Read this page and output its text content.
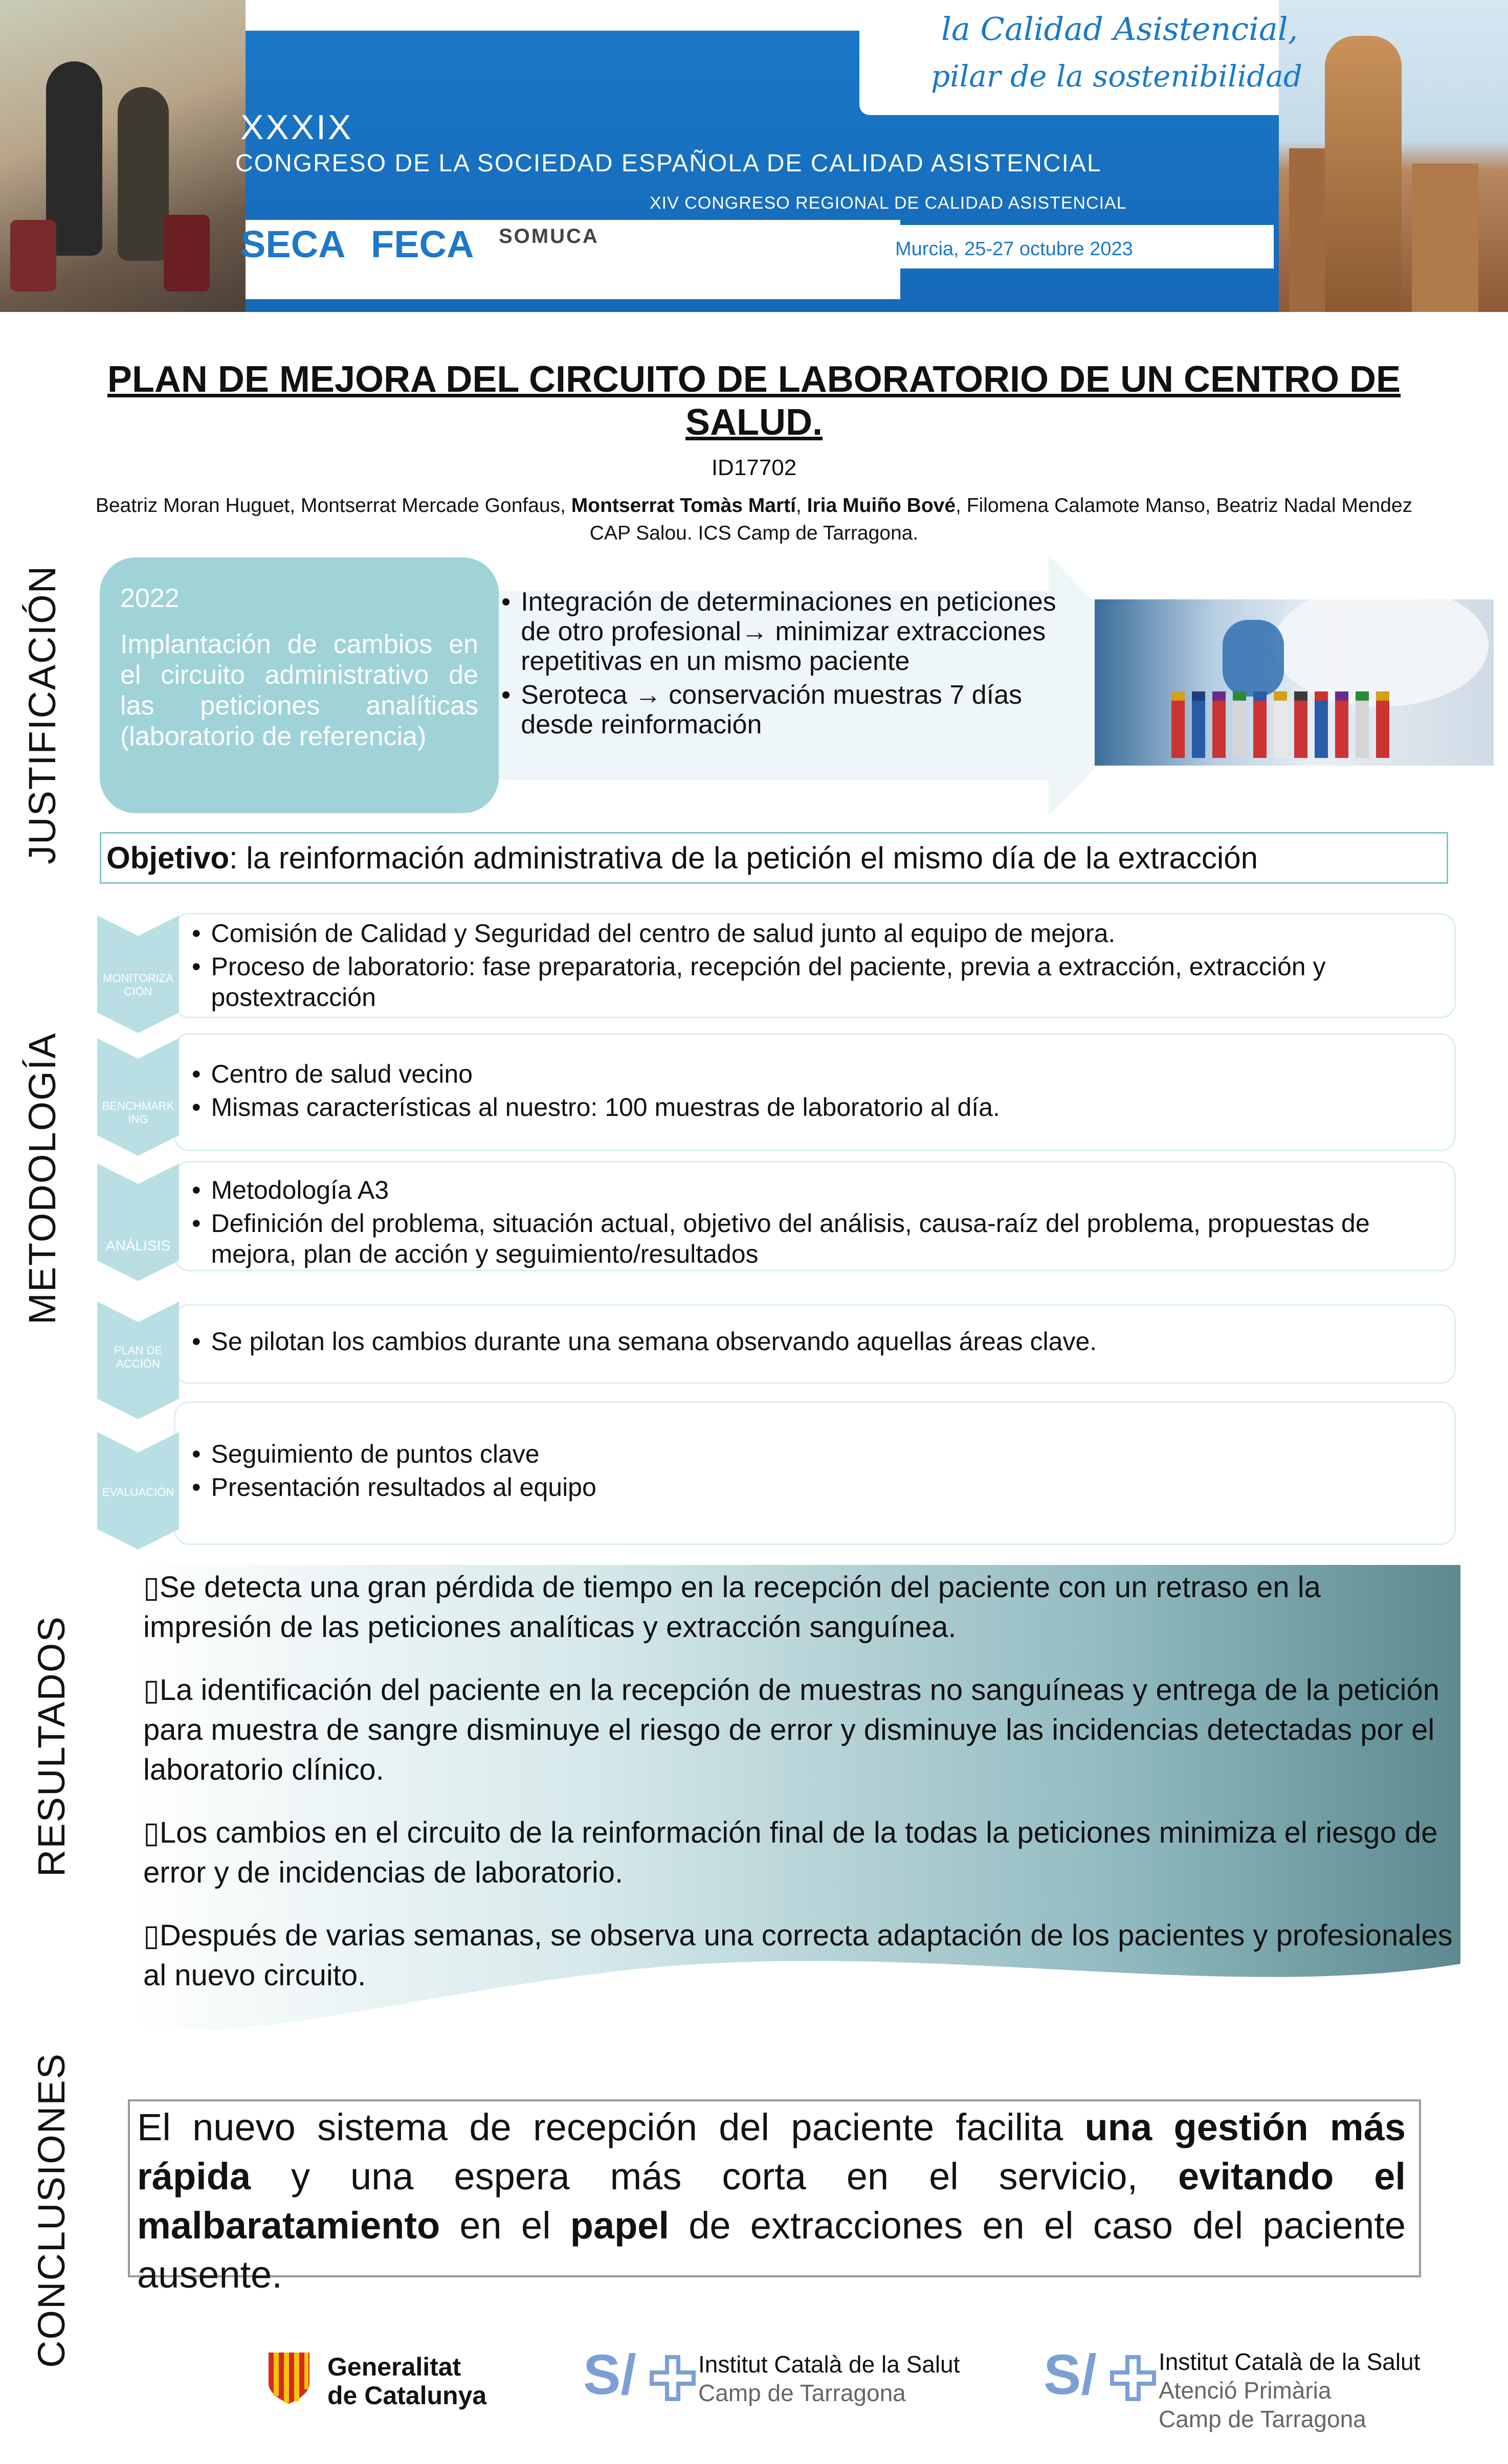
XXXIX
CONGRESO DE LA SOCIEDAD ESPAÑOLA DE CALIDAD ASISTENCIAL
XIV CONGRESO REGIONAL DE CALIDAD ASISTENCIAL
la Calidad Asistencial,
pilar de la sostenibilidad
Murcia, 25-27 octubre 2023
SECA FECA SOMUCA
PLAN DE MEJORA DEL CIRCUITO DE LABORATORIO DE UN CENTRO DE SALUD.
ID17702
Beatriz Moran Huguet, Montserrat Mercade Gonfaus, Montserrat Tomàs Martí, Iria Muiño Bové, Filomena Calamote Manso, Beatriz Nadal Mendez
CAP Salou. ICS Camp de Tarragona.
JUSTIFICACIÓN
METODOLOGÍA
RESULTADOS
CONCLUSIONES
2022
Implantación de cambios en el circuito administrativo de las peticiones analíticas (laboratorio de referencia)
• Integración de determinaciones en peticiones de otro profesional→ minimizar extracciones repetitivas en un mismo paciente
• Seroteca → conservación muestras 7 días desde reinformación
Objetivo: la reinformación administrativa de la petición el mismo día de la extracción
MONITORIZA CIÓN
• Comisión de Calidad y Seguridad del centro de salud junto al equipo de mejora.
• Proceso de laboratorio: fase preparatoria, recepción del paciente, previa a extracción, extracción y postextracción
BENCHMARK ING
• Centro de salud vecino
• Mismas características al nuestro: 100 muestras de laboratorio al día.
ANÁLISIS
• Metodología A3
• Definición del problema, situación actual, objetivo del análisis, causa-raíz del problema, propuestas de mejora, plan de acción y seguimiento/resultados
PLAN DE ACCIÓN
• Se pilotan los cambios durante una semana observando aquellas áreas clave.
EVALUACIÓN
• Seguimiento de puntos clave
• Presentación resultados al equipo

▯Se detecta una gran pérdida de tiempo en la recepción del paciente con un retraso en la impresión de las peticiones analíticas y extracción sanguínea.

▯La identificación del paciente en la recepción de muestras no sanguíneas y entrega de la petición para muestra de sangre disminuye el riesgo de error y disminuye las incidencias detectadas por el laboratorio clínico.

▯Los cambios en el circuito de la reinformación final de la todas la peticiones minimiza el riesgo de error y de incidencias de laboratorio.

▯Después de varias semanas, se observa una correcta adaptación de los pacientes y profesionales al nuevo circuito.

El nuevo sistema de recepción del paciente facilita una gestión más rápida y una espera más corta en el servicio, evitando el malbaratamiento en el papel de extracciones en el caso del paciente ausente.
Generalitat
de Catalunya S/	Institut Català de la Salut
Camp de Tarragona	S/	Institut Català de la Salut
Atenció Primària
Camp de Tarragona
